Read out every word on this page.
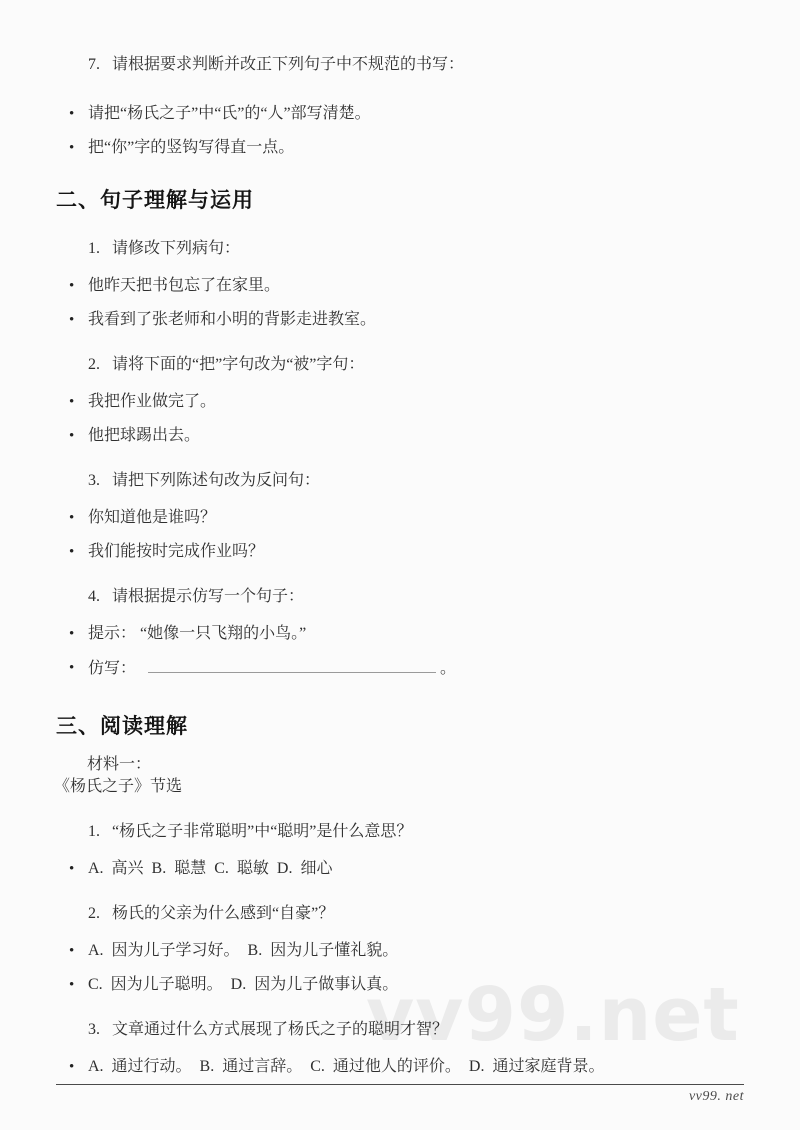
vv99.net

7. 请根据要求判断并改正下列句子中不规范的书写：

• 请把“杨氏之子”中“氏”的“人”部写清楚。
• 把“你”字的竖钩写得直一点。
二、句子理解与运用

1. 请修改下列病句：

• 他昨天把书包忘了在家里。
• 我看到了张老师和小明的背影走进教室。

2. 请将下面的“把”字句改为“被”字句：

• 我把作业做完了。
• 他把球踢出去。

3. 请把下列陈述句改为反问句：

• 你知道他是谁吗？
• 我们能按时完成作业吗？

4. 请根据提示仿写一个句子：

• 提示： “她像一只飞翔的小鸟。”
• 仿写：	。
三、阅读理解

材料一：

《杨氏之子》节选

1. “杨氏之子非常聪明”中“聪明”是什么意思？

• A.  高兴  B.  聪慧  C.  聪敏  D.  细心

2. 杨氏的父亲为什么感到“自豪”？

• A.  因为儿子学习好。  B.  因为儿子懂礼貌。
• C.  因为儿子聪明。  D.  因为儿子做事认真。

3. 文章通过什么方式展现了杨氏之子的聪明才智？

• A.  通过行动。  B.  通过言辞。  C.  通过他人的评价。  D.  通过家庭背景。
vv99. net
